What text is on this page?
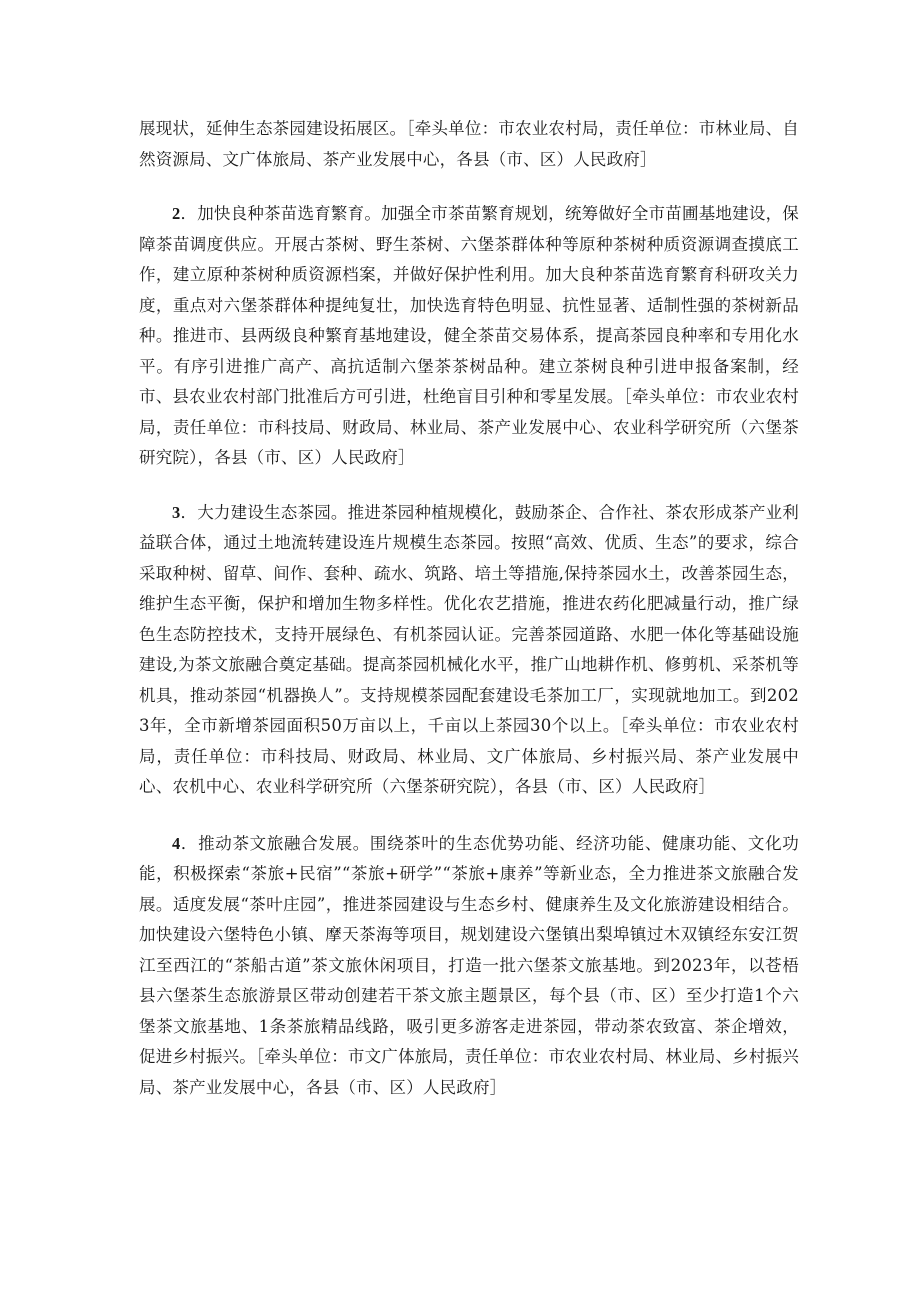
展现状，延伸生态茶园建设拓展区。［牵头单位：市农业农村局，责任单位：市林业局、自然资源局、文广体旅局、茶产业发展中心，各县（市、区）人民政府］

2．加快良种茶苗选育繁育。加强全市茶苗繁育规划，统筹做好全市苗圃基地建设，保障茶苗调度供应。开展古茶树、野生茶树、六堡茶群体种等原种茶树种质资源调查摸底工作，建立原种茶树种质资源档案，并做好保护性利用。加大良种茶苗选育繁育科研攻关力度，重点对六堡茶群体种提纯复壮，加快选育特色明显、抗性显著、适制性强的茶树新品种。推进市、县两级良种繁育基地建设，健全茶苗交易体系，提高茶园良种率和专用化水平。有序引进推广高产、高抗适制六堡茶茶树品种。建立茶树良种引进申报备案制，经市、县农业农村部门批准后方可引进，杜绝盲目引种和零星发展。［牵头单位：市农业农村局，责任单位：市科技局、财政局、林业局、茶产业发展中心、农业科学研究所（六堡茶研究院），各县（市、区）人民政府］

3．大力建设生态茶园。推进茶园种植规模化，鼓励茶企、合作社、茶农形成茶产业利益联合体，通过土地流转建设连片规模生态茶园。按照“高效、优质、生态”的要求，综合采取种树、留草、间作、套种、疏水、筑路、培土等措施,保持茶园水土，改善茶园生态，维护生态平衡，保护和增加生物多样性。优化农艺措施，推进农药化肥减量行动，推广绿色生态防控技术，支持开展绿色、有机茶园认证。完善茶园道路、水肥一体化等基础设施建设,为茶文旅融合奠定基础。提高茶园机械化水平，推广山地耕作机、修剪机、采茶机等机具，推动茶园“机器换人”。支持规模茶园配套建设毛茶加工厂，实现就地加工。到2023年，全市新增茶园面积50万亩以上，千亩以上茶园30个以上。［牵头单位：市农业农村局，责任单位：市科技局、财政局、林业局、文广体旅局、乡村振兴局、茶产业发展中心、农机中心、农业科学研究所（六堡茶研究院），各县（市、区）人民政府］

4．推动茶文旅融合发展。围绕茶叶的生态优势功能、经济功能、健康功能、文化功能，积极探索“茶旅+民宿”“茶旅+研学”“茶旅+康养”等新业态，全力推进茶文旅融合发展。适度发展“茶叶庄园”，推进茶园建设与生态乡村、健康养生及文化旅游建设相结合。加快建设六堡特色小镇、摩天茶海等项目，规划建设六堡镇出梨埠镇过木双镇经东安江贺江至西江的“茶船古道”茶文旅休闲项目，打造一批六堡茶文旅基地。到2023年，以苍梧县六堡茶生态旅游景区带动创建若干茶文旅主题景区，每个县（市、区）至少打造1个六堡茶文旅基地、1条茶旅精品线路，吸引更多游客走进茶园，带动茶农致富、茶企增效，促进乡村振兴。［牵头单位：市文广体旅局，责任单位：市农业农村局、林业局、乡村振兴局、茶产业发展中心，各县（市、区）人民政府］
